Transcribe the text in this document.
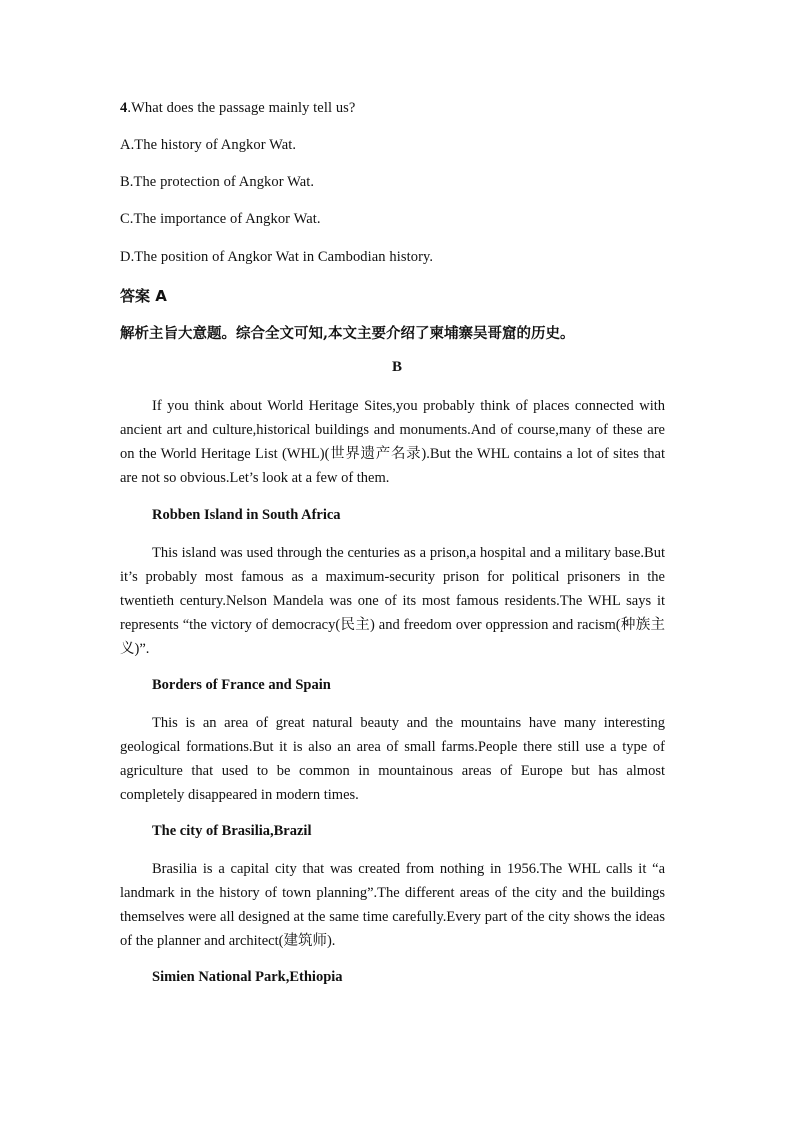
4.What does the passage mainly tell us?
A.The history of Angkor Wat.
B.The protection of Angkor Wat.
C.The importance of Angkor Wat.
D.The position of Angkor Wat in Cambodian history.
答案 A
解析主旨大意题。综合全文可知,本文主要介绍了柬埔寨吴哥窟的历史。
B
If you think about World Heritage Sites,you probably think of places connected with ancient art and culture,historical buildings and monuments.And of course,many of these are on the World Heritage List (WHL)(世界遗产名录).But the WHL contains a lot of sites that are not so obvious.Let’s look at a few of them.
Robben Island in South Africa
This island was used through the centuries as a prison,a hospital and a military base.But it’s probably most famous as a maximum-security prison for political prisoners in the twentieth century.Nelson Mandela was one of its most famous residents.The WHL says it represents “the victory of democracy(民主) and freedom over oppression and racism(种族主义)”.
Borders of France and Spain
This is an area of great natural beauty and the mountains have many interesting geological formations.But it is also an area of small farms.People there still use a type of agriculture that used to be common in mountainous areas of Europe but has almost completely disappeared in modern times.
The city of Brasilia,Brazil
Brasilia is a capital city that was created from nothing in 1956.The WHL calls it “a landmark in the history of town planning”.The different areas of the city and the buildings themselves were all designed at the same time carefully.Every part of the city shows the ideas of the planner and architect(建筑师).
Simien National Park,Ethiopia
